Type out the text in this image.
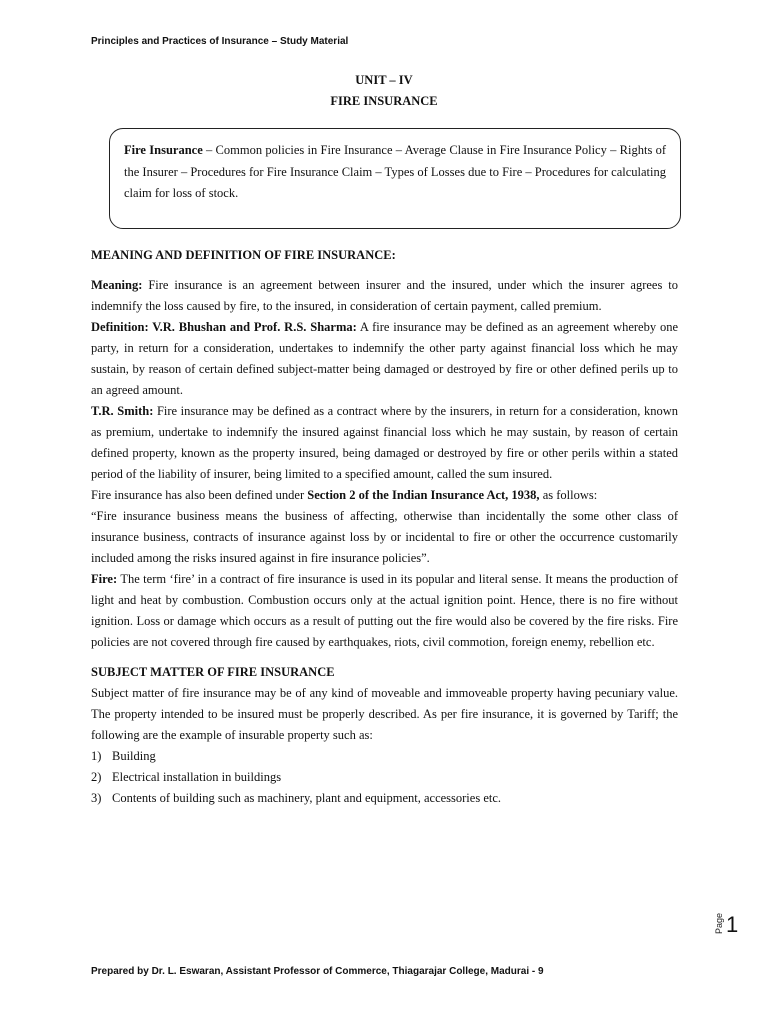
Principles and Practices of Insurance – Study Material
UNIT – IV
FIRE INSURANCE
Fire Insurance – Common policies in Fire Insurance – Average Clause in Fire Insurance Policy – Rights of the Insurer – Procedures for Fire Insurance Claim – Types of Losses due to Fire – Procedures for calculating claim for loss of stock.

MEANING AND DEFINITION OF FIRE INSURANCE:

Meaning: Fire insurance is an agreement between insurer and the insured, under which the insurer agrees to indemnify the loss caused by fire, to the insured, in consideration of certain payment, called premium.

Definition: V.R. Bhushan and Prof. R.S. Sharma: A fire insurance may be defined as an agreement whereby one party, in return for a consideration, undertakes to indemnify the other party against financial loss which he may sustain, by reason of certain defined subject-matter being damaged or destroyed by fire or other defined perils up to an agreed amount.

T.R. Smith: Fire insurance may be defined as a contract where by the insurers, in return for a consideration, known as premium, undertake to indemnify the insured against financial loss which he may sustain, by reason of certain defined property, known as the property insured, being damaged or destroyed by fire or other perils within a stated period of the liability of insurer, being limited to a specified amount, called the sum insured.

Fire insurance has also been defined under Section 2 of the Indian Insurance Act, 1938, as follows:

“Fire insurance business means the business of affecting, otherwise than incidentally the some other class of insurance business, contracts of insurance against loss by or incidental to fire or other the occurrence customarily included among the risks insured against in fire insurance policies”.

Fire: The term ‘fire’ in a contract of fire insurance is used in its popular and literal sense. It means the production of light and heat by combustion. Combustion occurs only at the actual ignition point. Hence, there is no fire without ignition. Loss or damage which occurs as a result of putting out the fire would also be covered by the fire risks. Fire policies are not covered through fire caused by earthquakes, riots, civil commotion, foreign enemy, rebellion etc.

SUBJECT MATTER OF FIRE INSURANCE

Subject matter of fire insurance may be of any kind of moveable and immoveable property having pecuniary value. The property intended to be insured must be properly described. As per fire insurance, it is governed by Tariff; the following are the example of insurable property such as:

1) Building
2) Electrical installation in buildings
3) Contents of building such as machinery, plant and equipment, accessories etc.
Page 1
Prepared by Dr. L. Eswaran, Assistant Professor of Commerce, Thiagarajar College, Madurai - 9
